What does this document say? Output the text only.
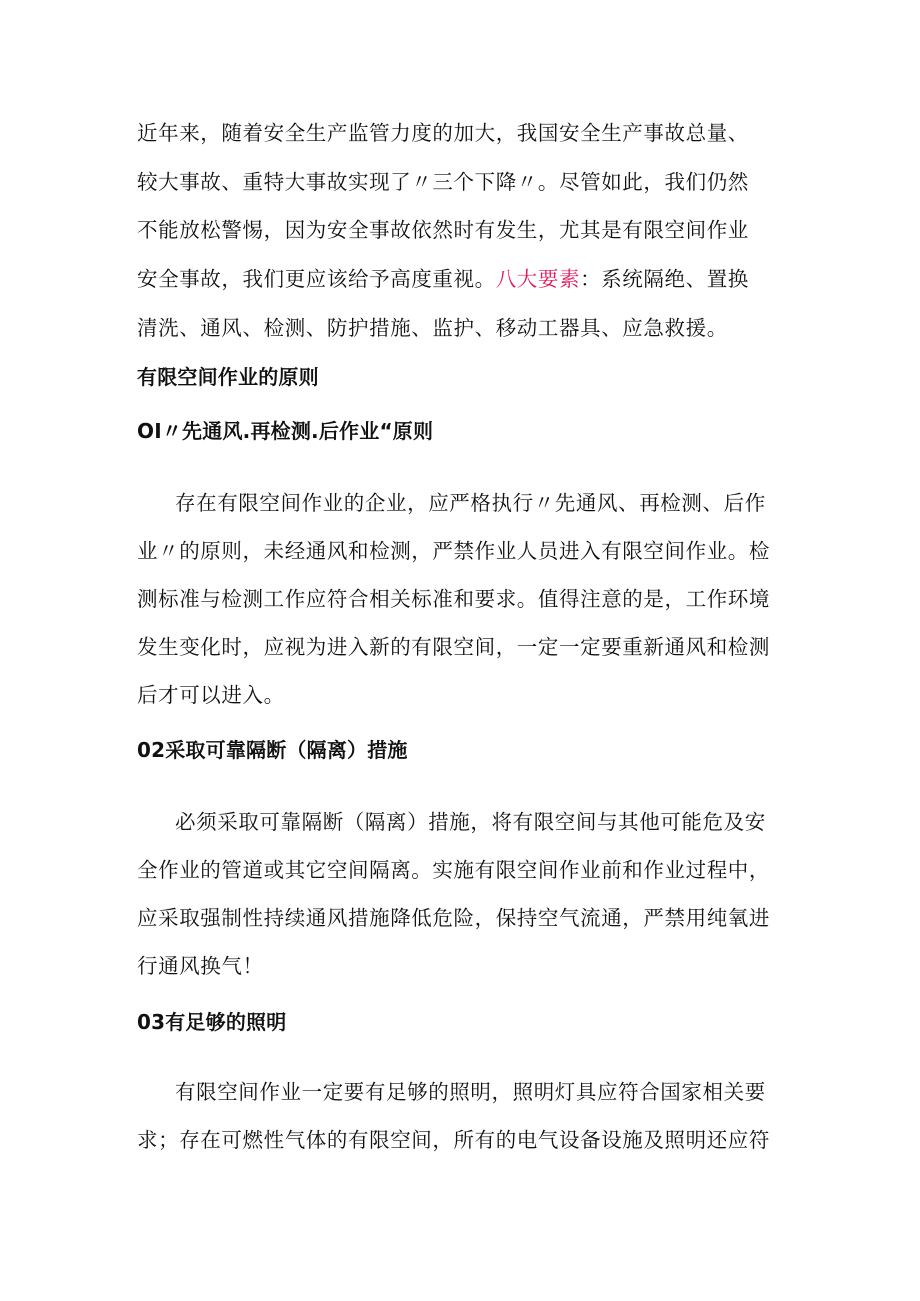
近年来，随着安全生产监管力度的加大，我国安全生产事故总量、
较大事故、重特大事故实现了〃三个下降〃。尽管如此，我们仍然
不能放松警惕，因为安全事故依然时有发生，尤其是有限空间作业
安全事故，我们更应该给予高度重视。八大要素：系统隔绝、置换
清洗、通风、检测、防护措施、监护、移动工器具、应急救援。
有限空间作业的原则
OI〃先通风.再检测.后作业“原则
存在有限空间作业的企业，应严格执行〃先通风、再检测、后作
业〃的原则，未经通风和检测，严禁作业人员进入有限空间作业。检
测标准与检测工作应符合相关标准和要求。值得注意的是，工作环境
发生变化时，应视为进入新的有限空间，一定一定要重新通风和检测
后才可以进入。
02采取可靠隔断（隔离）措施
必须采取可靠隔断（隔离）措施，将有限空间与其他可能危及安
全作业的管道或其它空间隔离。实施有限空间作业前和作业过程中，
应采取强制性持续通风措施降低危险，保持空气流通，严禁用纯氧进
行通风换气！
03有足够的照明
有限空间作业一定要有足够的照明，照明灯具应符合国家相关要
求；存在可燃性气体的有限空间，所有的电气设备设施及照明还应符
